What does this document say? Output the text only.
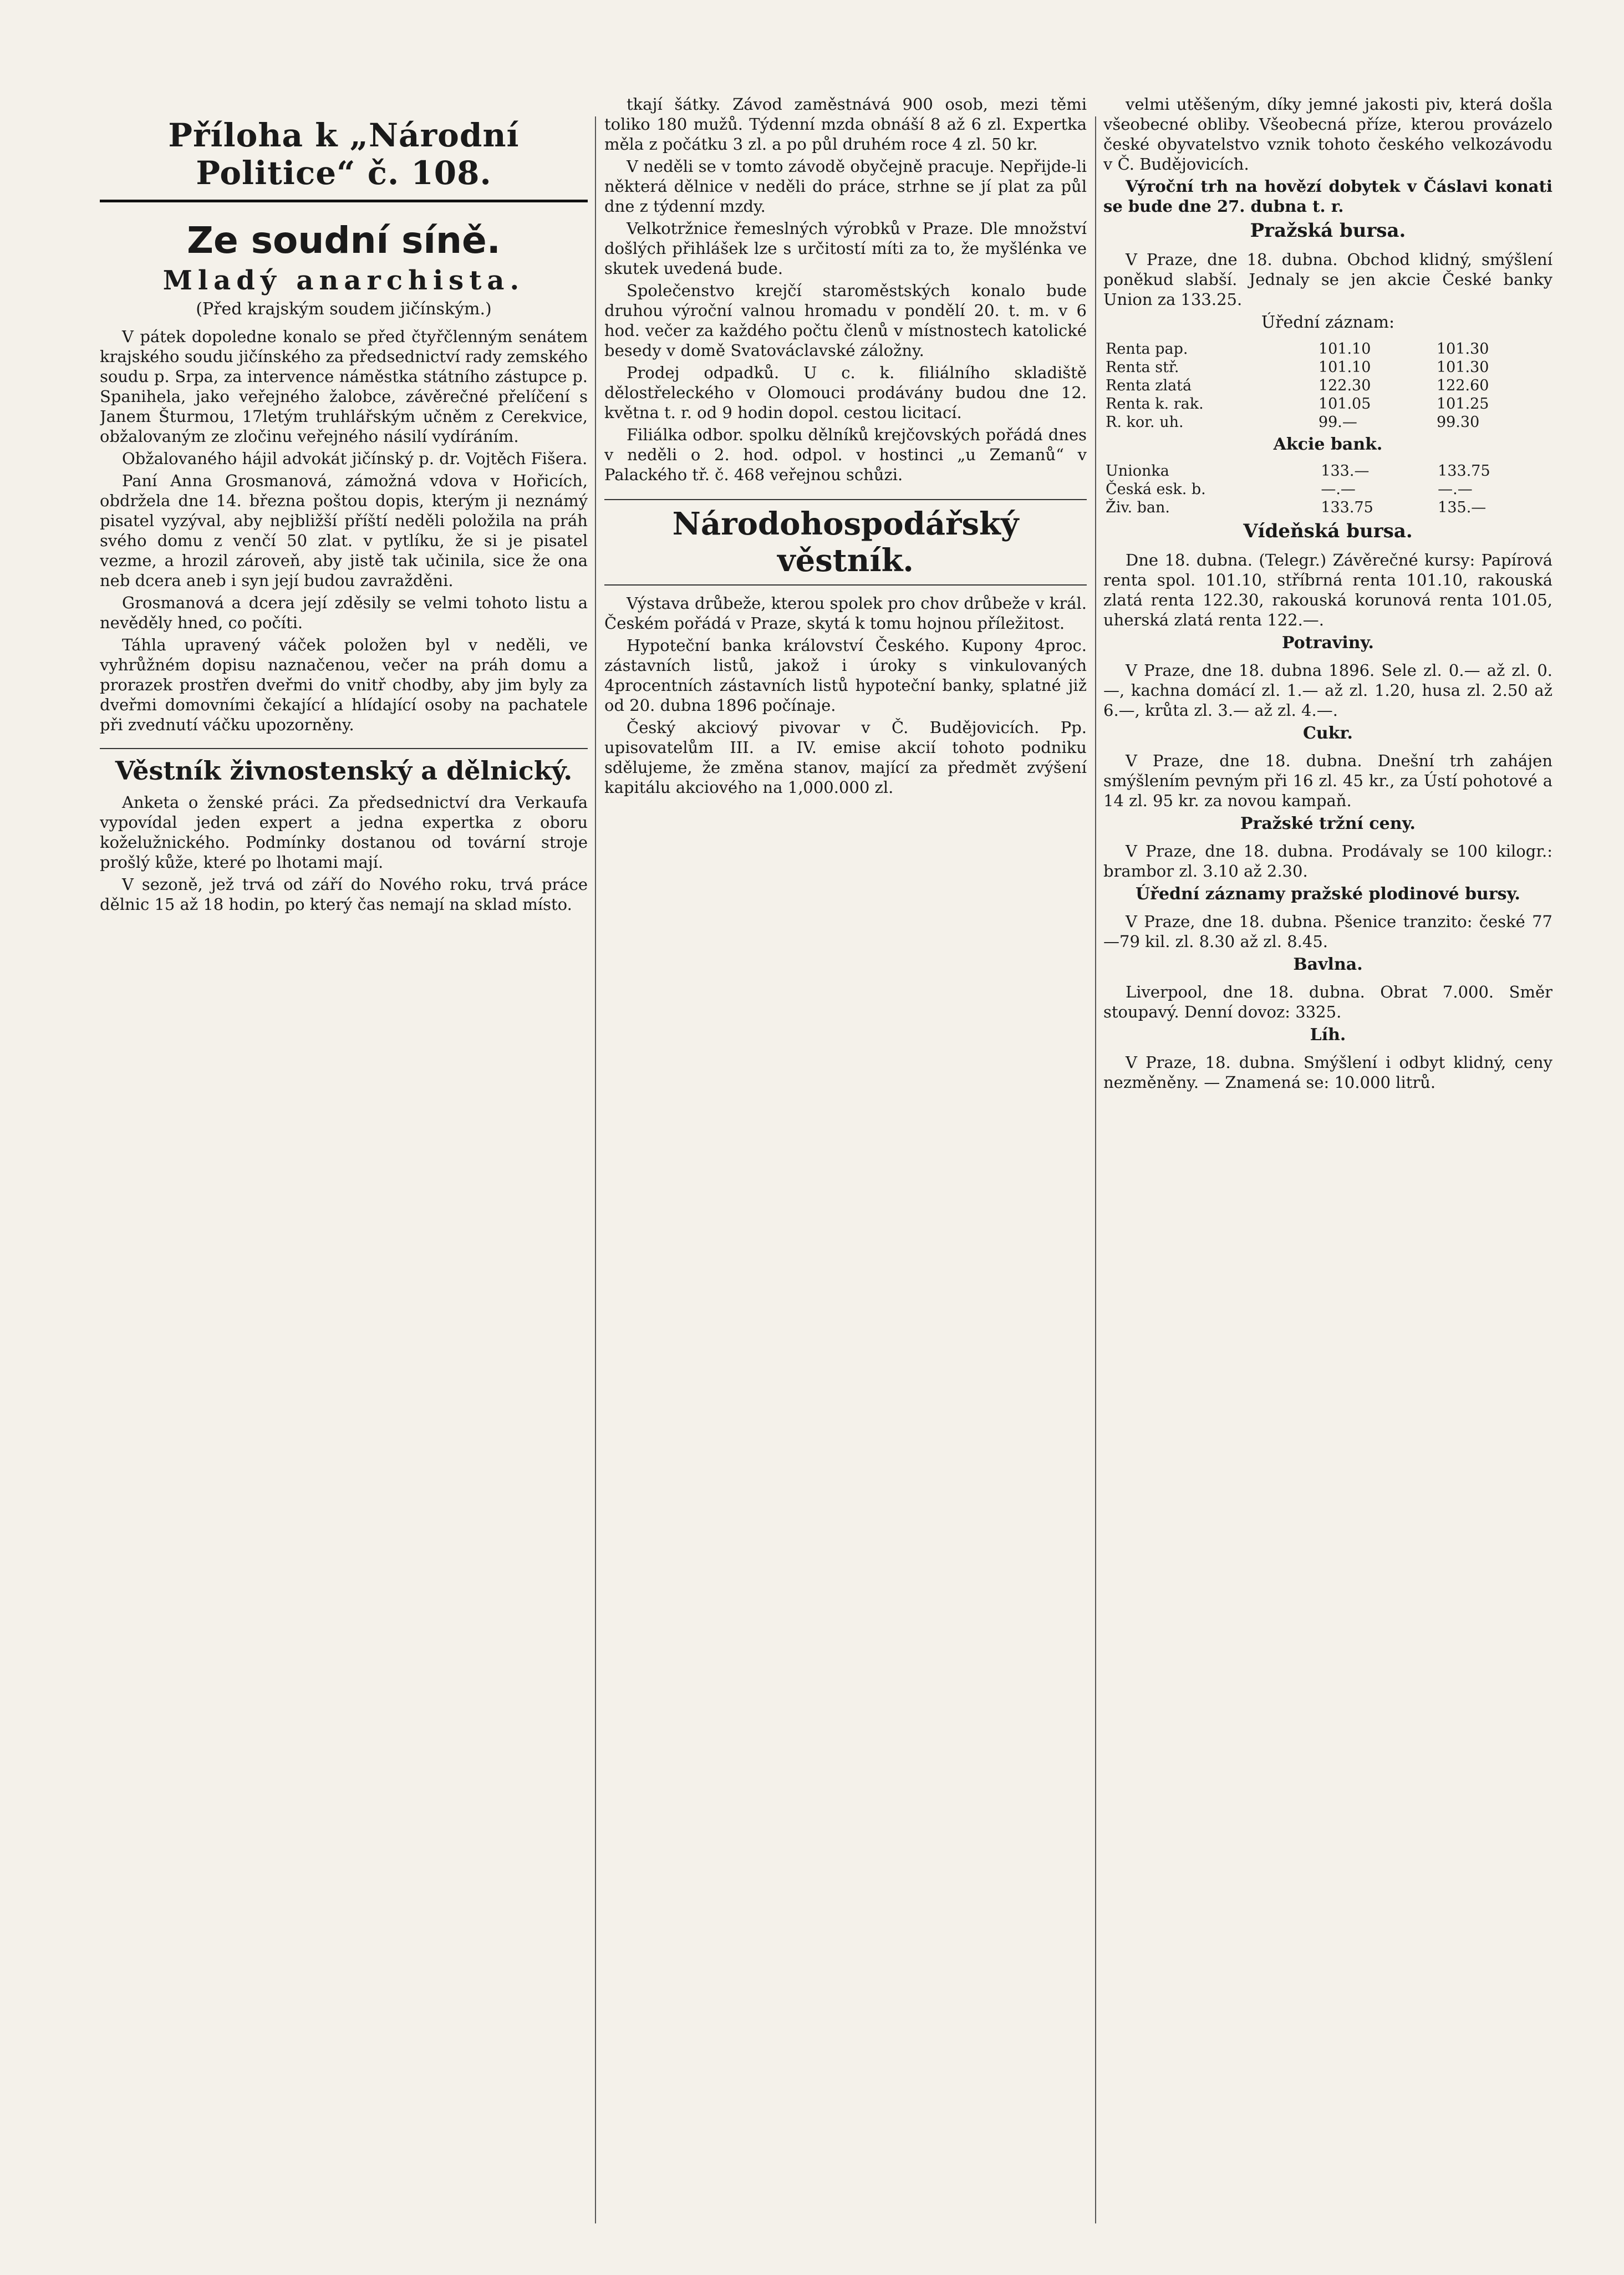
Příloha k „Národní Politice“ č. 108.
Ze soudní síně.
Mladý anarchista.
(Před krajským soudem jičínským.)

V pátek dopoledne konalo se před čtyřčlenným senátem krajského soudu jičínského za předsednictví rady zemského soudu p. Srpa, za intervence náměstka státního zástupce p. Spanihela, jako veřejného žalobce, závěrečné přelíčení s Janem Šturmou, 17letým truhlářským učněm z Cerekvice, obžalovaným ze zločinu veřejného násilí vydíráním.

Obžalovaného hájil advokát jičínský p. dr. Vojtěch Fišera.

Paní Anna Grosmanová, zámožná vdova v Hořicích, obdržela dne 14. března poštou dopis, kterým ji neznámý pisatel vyzýval, aby nejbližší příští neděli položila na práh svého domu z venčí 50 zlat. v pytlíku, že si je pisatel vezme, a hrozil zároveň, aby jistě tak učinila, sice že ona neb dcera aneb i syn její budou zavražděni.

Grosmanová a dcera její zděsily se velmi tohoto listu a nevěděly hned, co počíti.

Táhla upravený váček položen byl v neděli, ve vyhrůžném dopisu naznačenou, večer na práh domu a prorazek prostřen dveřmi do vnitř chodby, aby jim byly za dveřmi domovními čekající a hlídající osoby na pachatele při zvednutí váčku upozorněny.

Věstník živnostenský a dělnický.

Anketa o ženské práci. Za předsednictví dra Verkaufa vypovídal jeden expert a jedna expertka z oboru koželužnického. Podmínky dostanou od tovární stroje prošlý kůže, které po lhotami mají.

V sezoně, jež trvá od září do Nového roku, trvá práce dělnic 15 až 18 hodin, po který čas nemají na sklad místo.

tkají šátky. Závod zaměstnává 900 osob, mezi těmi toliko 180 mužů. Týdenní mzda obnáší 8 až 6 zl. Expertka měla z počátku 3 zl. a po půl druhém roce 4 zl. 50 kr.

V neděli se v tomto závodě obyčejně pracuje. Nepřijde-li některá dělnice v neděli do práce, strhne se jí plat za půl dne z týdenní mzdy.

Velkotržnice řemeslných výrobků v Praze. Dle množství došlých přihlášek lze s určitostí míti za to, že myšlénka ve skutek uvedená bude.

Společenstvo krejčí staroměstských konalo bude druhou výroční valnou hromadu v pondělí 20. t. m. v 6 hod. večer za každého počtu členů v místnostech katolické besedy v domě Svatováclavské záložny.

Prodej odpadků. U c. k. filiálního skladiště dělostřeleckého v Olomouci prodávány budou dne 12. května t. r. od 9 hodin dopol. cestou licitací.

Filiálka odbor. spolku dělníků krejčovských pořádá dnes v neděli o 2. hod. odpol. v hostinci „u Zemanů“ v Palackého tř. č. 468 veřejnou schůzi.

Národohospodářský věstník.

Výstava drůbeže, kterou spolek pro chov drůbeže v král. Českém pořádá v Praze, skytá k tomu hojnou příležitost.

Hypoteční banka království Českého. Kupony 4proc. zástavních listů, jakož i úroky s vinkulovaných 4procentních zástavních listů hypoteční banky, splatné již od 20. dubna 1896 počínaje.

Český akciový pivovar v Č. Budějovicích. Pp. upisovatelům III. a IV. emise akcií tohoto podniku sdělujeme, že změna stanov, mající za předmět zvýšení kapitálu akciového na 1,000.000 zl.

velmi utěšeným, díky jemné jakosti piv, která došla všeobecné obliby. Všeobecná příze, kterou provázelo české obyvatelstvo vznik tohoto českého velkozávodu v Č. Budějovicích.

Výroční trh na hovězí dobytek v Čáslavi konati se bude dne 27. dubna t. r.

Pražská bursa.

V Praze, dne 18. dubna. Obchod klidný, smýšlení poněkud slabší. Jednaly se jen akcie České banky Union za 133.25.

Úřední záznam:
Renta pap.	101.10	101.30
Renta stř.	101.10	101.30
Renta zlatá	122.30	122.60
Renta k. rak.	101.05	101.25
R. kor. uh.	99.—	99.30
Akcie bank.
Unionka	133.—	133.75
Česká esk. b.	—.—	—.—
Živ. ban.	133.75	135.—
Vídeňská bursa.

Dne 18. dubna. (Telegr.) Závěrečné kursy: Papírová renta spol. 101.10, stříbrná renta 101.10, rakouská zlatá renta 122.30, rakouská korunová renta 101.05, uherská zlatá renta 122.—.

Potraviny.

V Praze, dne 18. dubna 1896. Sele zl. 0.— až zl. 0.—, kachna domácí zl. 1.— až zl. 1.20, husa zl. 2.50 až 6.—, krůta zl. 3.— až zl. 4.—.

Cukr.

V Praze, dne 18. dubna. Dnešní trh zahájen smýšlením pevným při 16 zl. 45 kr., za Ústí pohotové a 14 zl. 95 kr. za novou kampaň.

Pražské tržní ceny.

V Praze, dne 18. dubna. Prodávaly se 100 kilogr.: brambor zl. 3.10 až 2.30.

Úřední záznamy pražské plodinové bursy.

V Praze, dne 18. dubna. Pšenice tranzito: české 77—79 kil. zl. 8.30 až zl. 8.45.

Bavlna.

Liverpool, dne 18. dubna. Obrat 7.000. Směr stoupavý. Denní dovoz: 3325.

Líh.

V Praze, 18. dubna. Smýšlení i odbyt klidný, ceny nezměněny. — Znamená se: 10.000 litrů.
